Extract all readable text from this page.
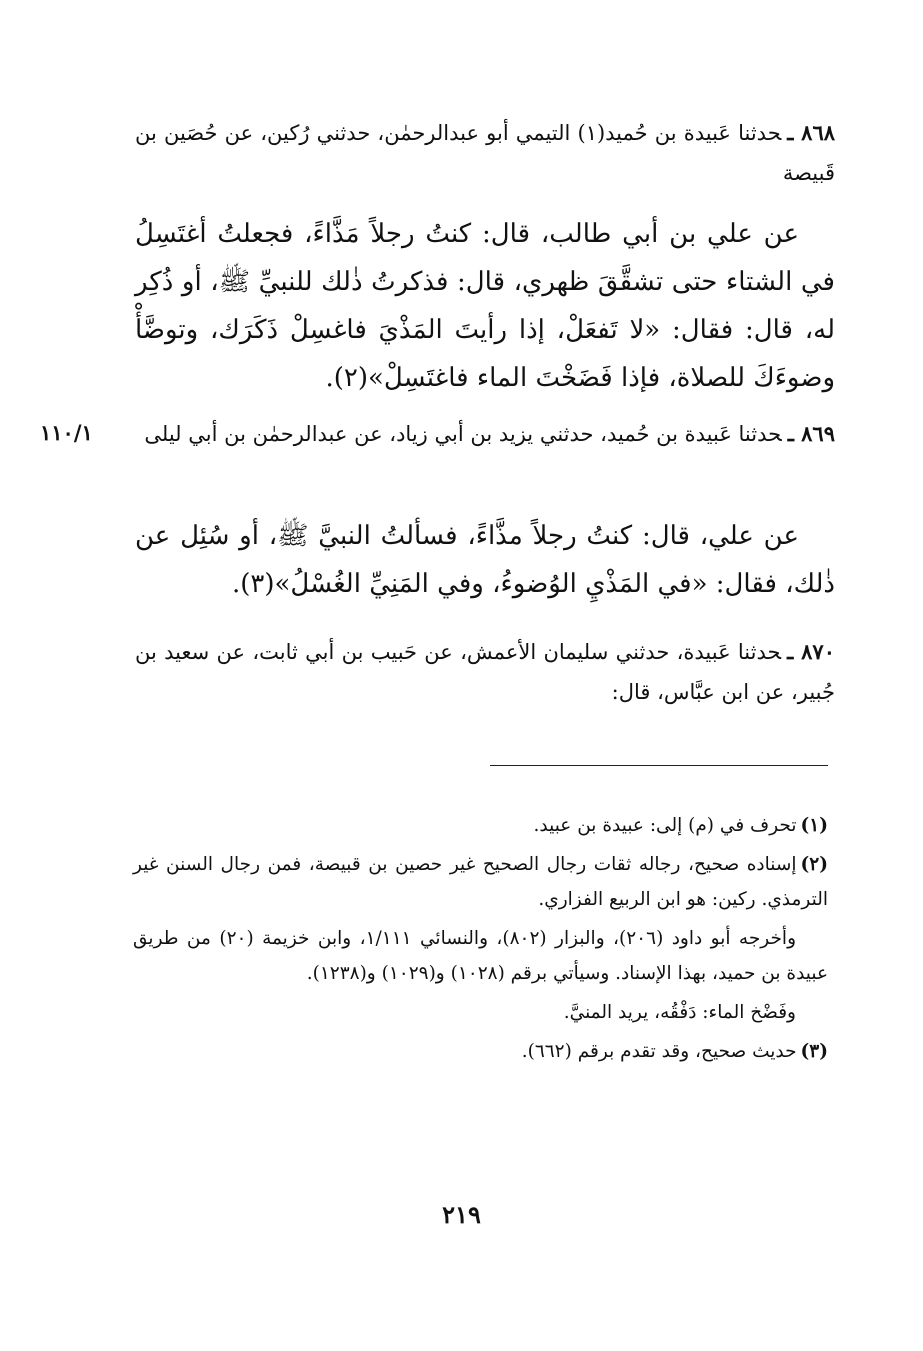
٨٦٨ ـحدثنا عَبيدة بن حُميد(١) التيمي أبو عبدالرحمٰن، حدثني رُكين، عن حُصَين بن قَبيصة
عن علي بن أبي طالب، قال: كنتُ رجلاً مَذَّاءً، فجعلتُ أغتَسِلُ في الشتاء حتى تشقَّقَ ظهري، قال: فذكرتُ ذٰلك للنبيِّ ﷺ، أو ذُكِر له، قال: فقال: «لا تَفعَلْ، إذا رأيتَ المَذْيَ فاغسِلْ ذَكَرَك، وتوضَّأْ وضوءَكَ للصلاة، فإذا فَضَخْتَ الماء فاغتَسِلْ»(٢).
١١٠/١	٨٦٩ ـحدثنا عَبيدة بن حُميد، حدثني يزيد بن أبي زياد، عن عبدالرحمٰن بن أبي ليلى
عن علي، قال: كنتُ رجلاً مذَّاءً، فسألتُ النبيَّ ﷺ، أو سُئِل عن ذٰلك، فقال: «في المَذْيِ الوُضوءُ، وفي المَنِيِّ الغُسْلُ»(٣).
٨٧٠ ـحدثنا عَبيدة، حدثني سليمان الأعمش، عن حَبيب بن أبي ثابت، عن سعيد بن جُبير، عن ابن عبَّاس، قال:

(١)تحرف في (م) إلى: عبيدة بن عبيد.

(٢)إسناده صحيح، رجاله ثقات رجال الصحيح غير حصين بن قبيصة، فمن رجال السنن غير الترمذي. ركين: هو ابن الربيع الفزاري.

وأخرجه أبو داود (٢٠٦)، والبزار (٨٠٢)، والنسائي ١/١١١، وابن خزيمة (٢٠) من طريق عبيدة بن حميد، بهذا الإسناد. وسيأتي برقم (١٠٢٨) و(١٠٢٩) و(١٢٣٨).

وفَضْخ الماء: دَفْقُه، يريد المنيَّ.

(٣)حديث صحيح، وقد تقدم برقم (٦٦٢).

٢١٩
